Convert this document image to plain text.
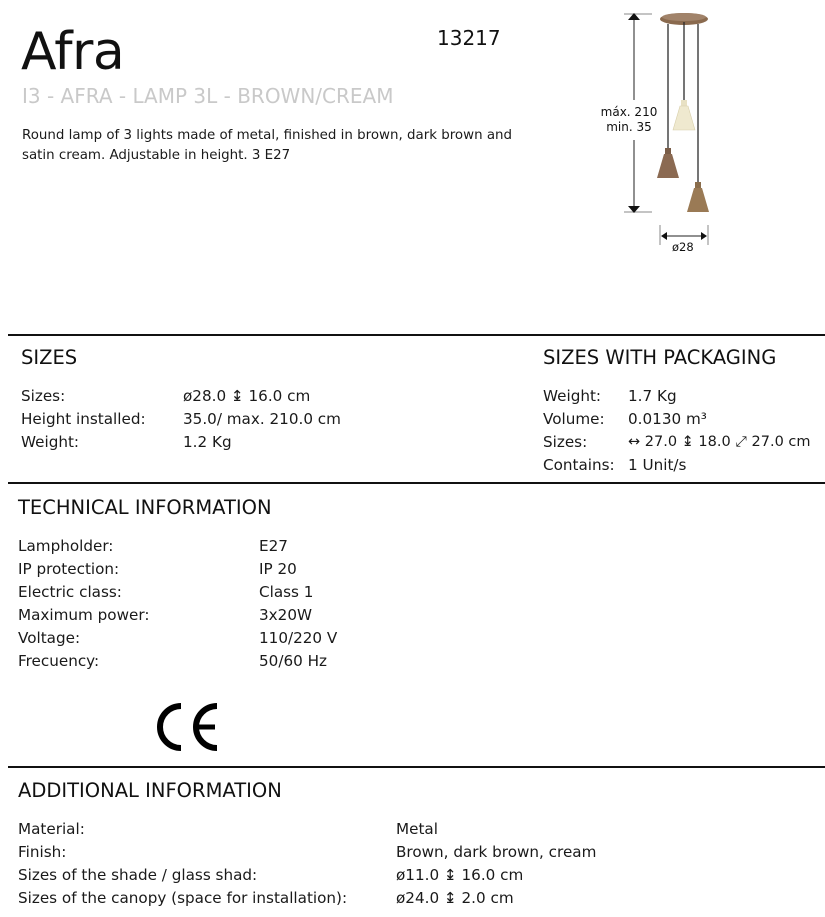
Afra	13217
I3 - AFRA - LAMP 3L - BROWN/CREAM
Round lamp of 3 lights made of metal, finished in brown, dark brown and satin cream. Adjustable in height. 3 E27
máx. 210
min. 35
ø28
SIZES
Sizes:	ø28.0 ↨ 16.0 cm
Height installed: 35.0/ max. 210.0 cm
Weight:	1.2 Kg
SIZES WITH PACKAGING
Weight: 1.7 Kg
Volume: 0.0130 m³
Sizes:	↔ 27.0 ↨ 18.0 ⤢ 27.0 cm
Contains: 1 Unit/s
TECHNICAL INFORMATION
Lampholder:	E27
IP protection:	IP 20
Electric class:	Class 1
Maximum power:	3x20W
Voltage:	110/220 V
Frecuency:	50/60 Hz
ADDITIONAL INFORMATION
Material:	Metal
Finish:	Brown, dark brown, cream
Sizes of the shade / glass shad:	ø11.0 ↨ 16.0 cm
Sizes of the canopy (space for installation):	ø24.0 ↨ 2.0 cm
